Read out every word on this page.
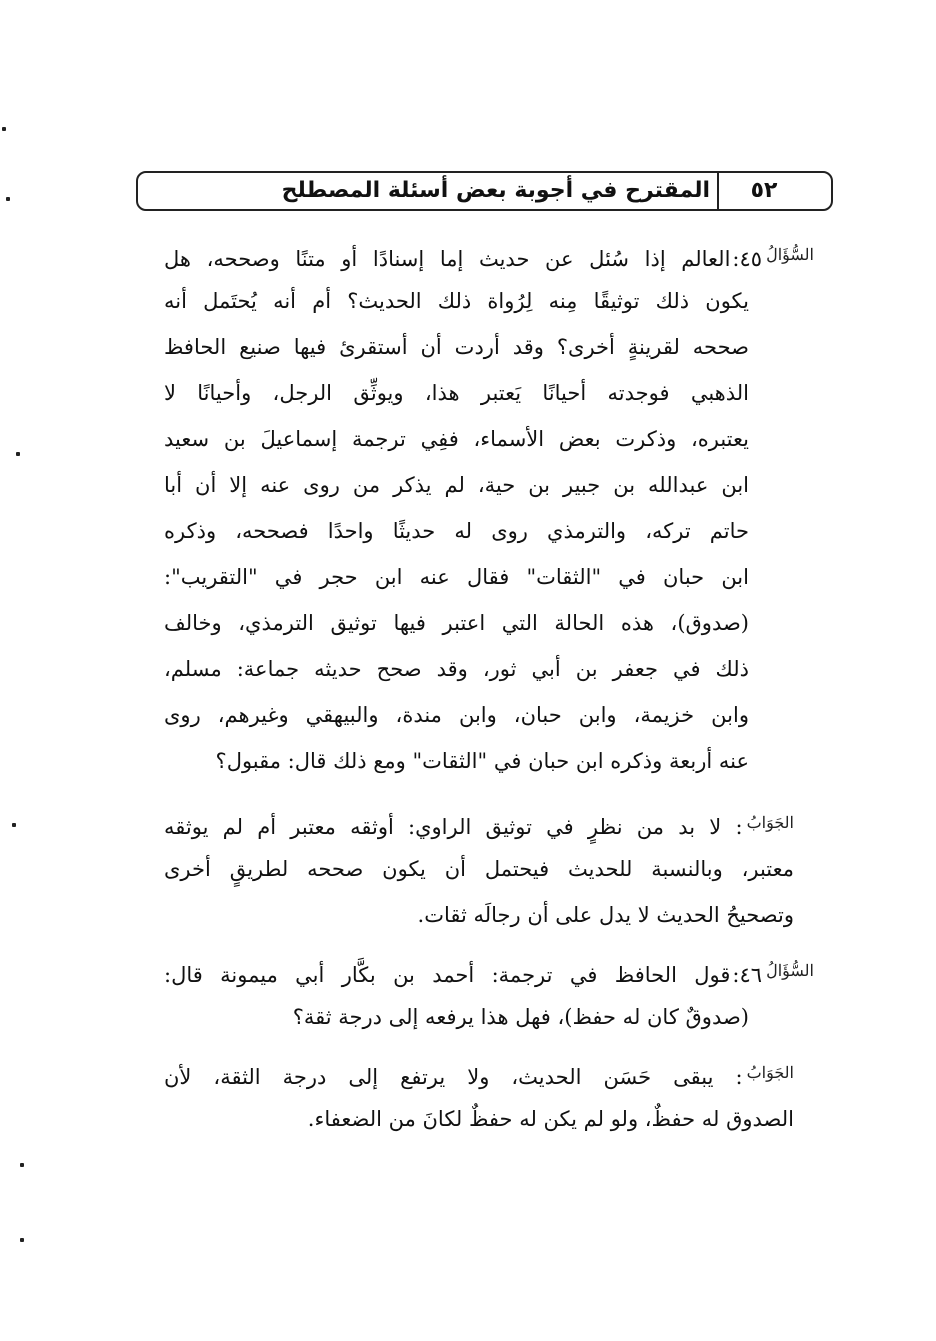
المقترح في أجوبة بعض أسئلة المصطلح	٥٢
$^{السُّؤَالُ}$٤٥:العالم إذا سُئل عن حديث إما إسنادًا أو متنًا وصححه، هل
يكون ذلك توثيقًا مِنه لِرُواة ذلك الحديث؟ أم أنه يُحتَمل أنه
صححه لقرينةٍ أخرى؟ وقد أردت أن أستقرئ فيها صنيع الحافظ
الذهبي فوجدته أحيانًا يَعتبر هذا، ويوثِّق الرجل، وأحيانًا لا
يعتبره، وذكرت بعض الأسماء، ففِي ترجمة إسماعيلَ بن سعيد
ابن عبدالله بن جبير بن حية، لم يذكر من روى عنه إلا أن أبا
حاتم تركه، والترمذي روى له حديثًا واحدًا فصححه، وذكره
ابن حبان في "الثقات" فقال عنه ابن حجر في "التقريب":
(صدوق)، هذه الحالة التي اعتبر فيها توثيق الترمذي، وخالف
ذلك في جعفر بن أبي ثور، وقد صحح حديثه جماعة: مسلم،
وابن خزيمة، وابن حبان، وابن مندة، والبيهقي وغيرهم، روى
عنه أربعة وذكره ابن حبان في "الثقات" ومع ذلك قال: مقبول؟
$^{الجَوَابُ}$: لا بد من نظرٍ في توثيق الراوي: أوثقه معتبر أم لم يوثقه
معتبر، وبالنسبة للحديث فيحتمل أن يكون صححه لطريقٍ أخرى
وتصحيحُ الحديث لا يدل على أن رجالَه ثقات.
$^{السُّؤَالُ}$٤٦:قول الحافظ في ترجمة: أحمد بن بكَّار أبي ميمونة قال:
(صدوقٌ كان له حفظ)، فهل هذا يرفعه إلى درجة ثقة؟
$^{الجَوَابُ}$: يبقى حَسَن الحديث، ولا يرتفع إلى درجة الثقة، لأن
الصدوق له حفظٌ، ولو لم يكن له حفظٌ لكانَ من الضعفاء.
